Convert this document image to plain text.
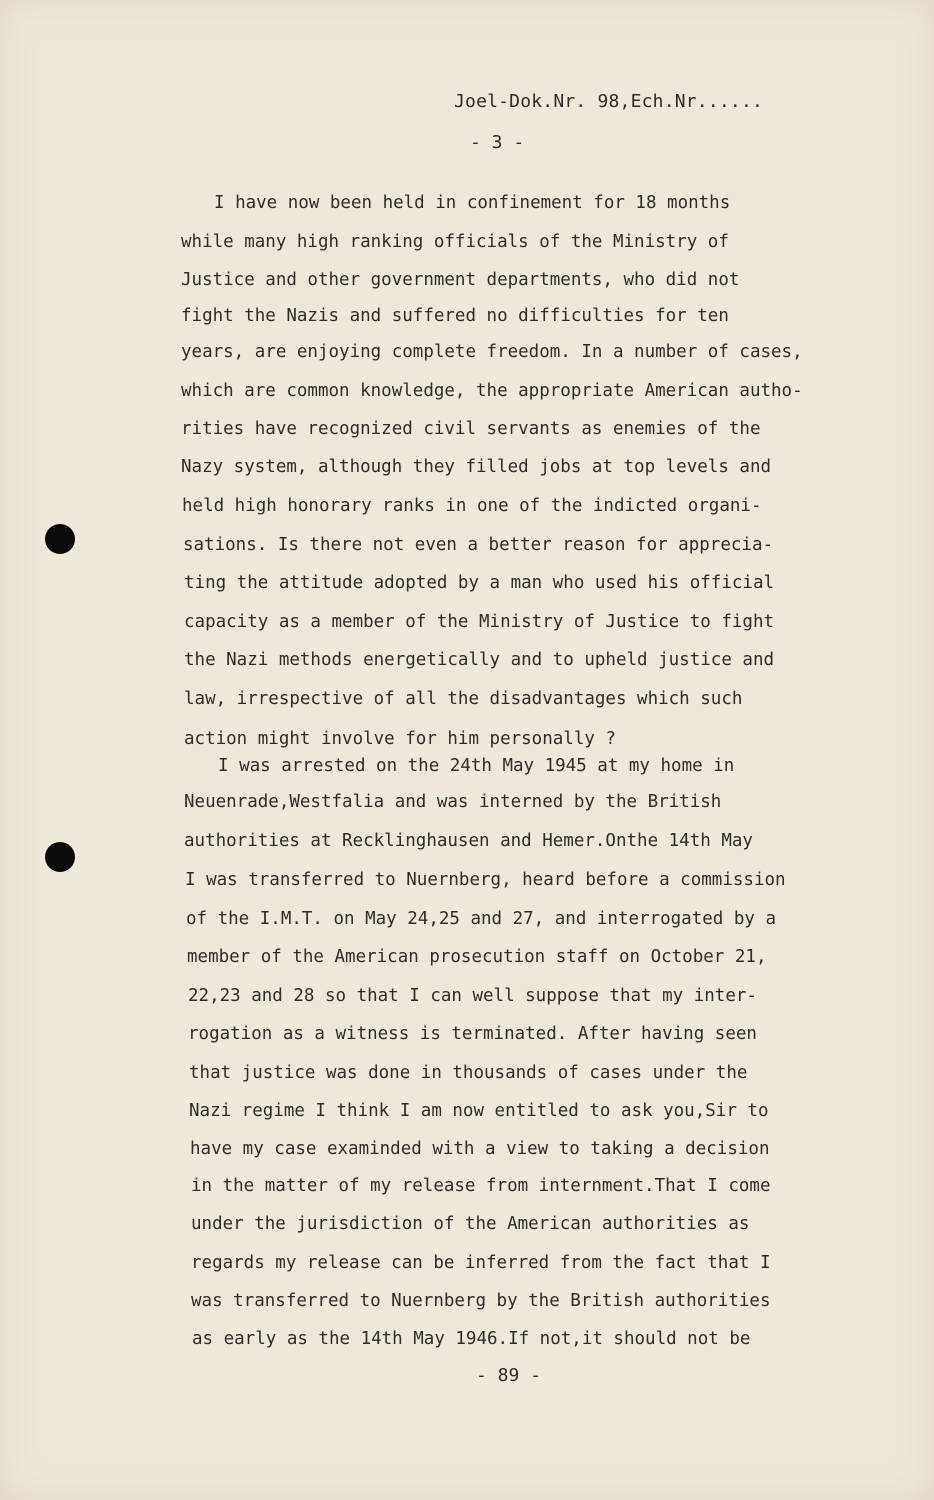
Joel-Dok.Nr. 98,Ech.Nr......
- 3 -
I have now been held in confinement for 18 months
while many high ranking officials of the Ministry of
Justice and other government departments, who did not
fight the Nazis and suffered no difficulties for ten
years, are enjoying complete freedom. In a number of cases,
which are common knowledge, the appropriate American autho-
rities have recognized civil servants as enemies of the
Nazy system, although they filled jobs at top levels and
held high honorary ranks in one of the indicted organi-
sations. Is there not even a better reason for apprecia-
ting the attitude adopted by a man who used his official
capacity as a member of the Ministry of Justice to fight
the Nazi methods energetically and to upheld justice and
law, irrespective of all the disadvantages which such
action might involve for him personally ?
I was arrested on the 24th May 1945 at my home in
Neuenrade,Westfalia and was interned by the British
authorities at Recklinghausen and Hemer.Onthe 14th May
I was transferred to Nuernberg, heard before a commission
of the I.M.T. on May 24,25 and 27, and interrogated by a
member of the American prosecution staff on October 21,
22,23 and 28 so that I can well suppose that my inter-
rogation as a witness is terminated. After having seen
that justice was done in thousands of cases under the
Nazi regime I think I am now entitled to ask you,Sir to
have my case examinded with a view to taking a decision
in the matter of my release from internment.That I come
under the jurisdiction of the American authorities as
regards my release can be inferred from the fact that I
was transferred to Nuernberg by the British authorities
as early as the 14th May 1946.If not,it should not be
- 89 -
